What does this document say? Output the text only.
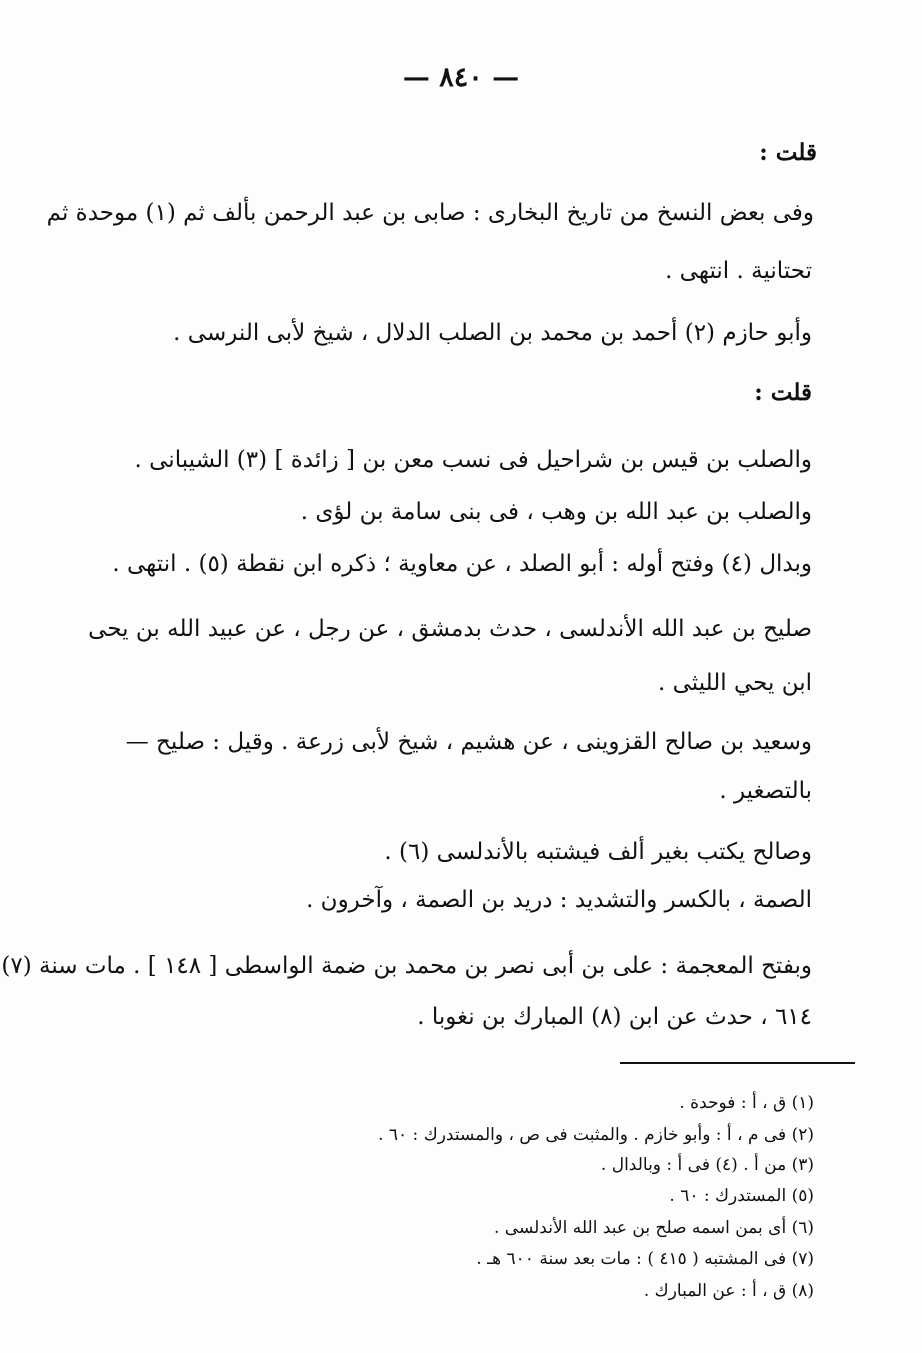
— ٨٤٠ —
قلت :
وفى بعض النسخ من تاريخ البخارى : صابى بن عبد الرحمن بألف ثم (١) موحدة ثم
تحتانية . انتهى .
وأبو حازم (٢) أحمد بن محمد بن الصلب الدلال ، شيخ لأبى النرسى .
قلت :
والصلب بن قيس بن شراحيل فى نسب معن بن [ زائدة ] (٣) الشيبانى .
والصلب بن عبد الله بن وهب ، فى بنى سامة بن لؤى .
وبدال (٤) وفتح أوله : أبو الصلد ، عن معاوية ؛ ذكره ابن نقطة (٥) . انتهى .
صليح بن عبد الله الأندلسى ، حدث بدمشق ، عن رجل ، عن عبيد الله بن يحى
ابن يحي الليثى .
وسعيد بن صالح القزوينى ، عن هشيم ، شيخ لأبى زرعة . وقيل : صليح —
بالتصغير .
وصالح يكتب بغير ألف فيشتبه بالأندلسى (٦) .
الصمة ، بالكسر والتشديد : دريد بن الصمة ، وآخرون .
وبفتح المعجمة : على بن أبى نصر بن محمد بن ضمة الواسطى [ ١٤٨ ] . مات سنة (٧)
٦١٤ ، حدث عن ابن (٨) المبارك بن نغوبا .
(١) ق ، أ : فوحدة .
(٢) فى م ، أ : وأبو خازم . والمثبت فى ص ، والمستدرك : ٦٠ .
(٣) من أ . (٤) فى أ : وبالدال .
(٥) المستدرك : ٦٠ .
(٦) أى بمن اسمه صلح بن عبد الله الأندلسى .
(٧) فى المشتبه ( ٤١٥ ) : مات بعد سنة ٦٠٠ هـ .
(٨) ق ، أ : عن المبارك .
